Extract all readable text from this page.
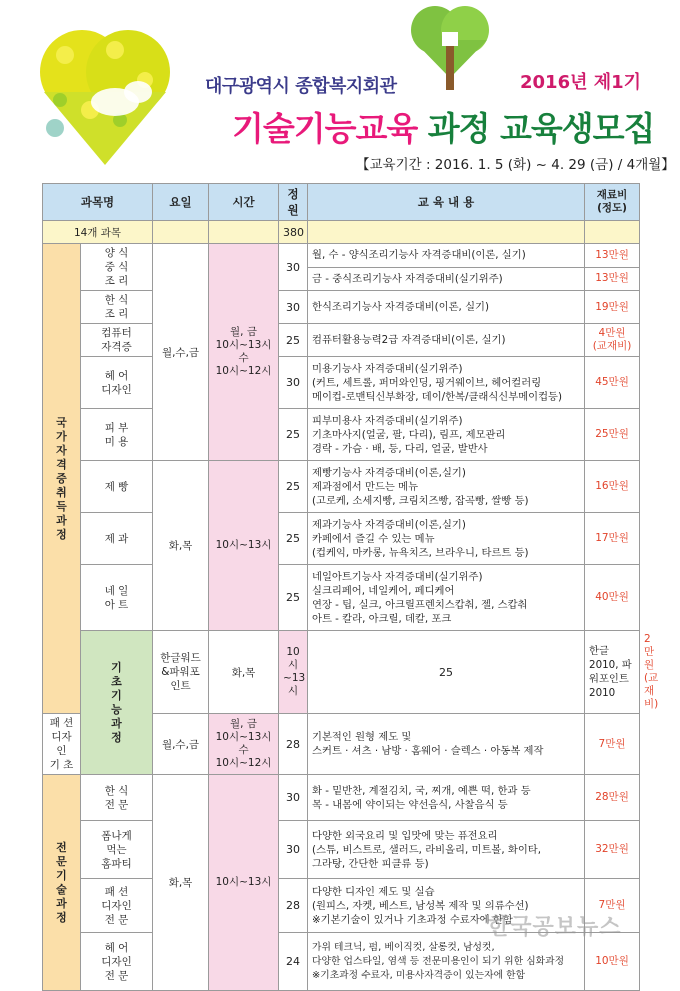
대구광역시 종합복지회관	2016년 제1기
기술기능교육 과정 교육생모집
【교육기간 : 2016. 1. 5 (화) ~ 4. 29 (금) / 4개월】
과목명		요일	시간	정원	교 육 내 용	재료비 (정도)	
14개 과목				380			
국가자격증취득과정	양 식
중 식
조 리	월,수,금	월, 금
10시~13시
수
10시~12시	30	월, 수 - 양식조리기능사 자격증대비(이론, 실기)	13만원	
					금 - 중식조리기능사 자격증대비(실기위주)	13만원	
	한 식
조 리			30	한식조리기능사 자격증대비(이론, 실기)	19만원	
	컴퓨터
자격증			25	컴퓨터활용능력2급 자격증대비(이론, 실기)	4만원
(교재비)	
	헤 어
디자인			30	미용기능사 자격증대비(실기위주)
(커트, 세트롤, 퍼머와인딩, 핑거웨이브, 헤어컬러링
메이컵-로맨틱신부화장, 데이/한복/클래식신부메이컵등)	45만원	
	피 부
미 용			25	피부미용사 자격증대비(실기위주)
기초마사지(얼굴, 팔, 다리), 림프, 제모관리
경락 - 가슴 · 배, 등, 다리, 얼굴, 발반사	25만원	
	제 빵	화,목	10시~13시	25	제빵기능사 자격증대비(이론,실기)
제과점에서 만드는 메뉴
(고로케, 소세지빵, 크림치즈빵, 잡곡빵, 쌀빵 등)	16만원	
	제 과			25	제과기능사 자격증대비(이론,실기)
카페에서 즐길 수 있는 메뉴
(컵케익, 마카롱, 뉴욕치즈, 브라우니, 타르트 등)	17만원	
	네 일
아 트			25	네일아트기능사 자격증대비(실기위주)
실크리페어, 네일케어, 페디케어
연장 - 팁, 실크, 아크릴프렌치스캅춰, 젤, 스캅춰
아트 - 칼라, 아크릴, 데칼, 포크	40만원	
	기초기능과정	한글워드
&파워포인트	화,목	10시~13시	25	한글2010, 파워포인트2010	2만원
(교재비)
패 션
디자인
기 초		월,수,금	월, 금
10시~13시
수
10시~12시	28	기본적인 원형 제도 및
스커트 · 셔츠 · 남방 · 홈웨어 · 슬렉스 · 아동복 제작	7만원	
전문기술과정	한 식
전 문	화,목	10시~13시	30	화 - 밑반찬, 계절김치, 국, 찌개, 예쁜 떡, 한과 등
목 - 내몸에 약이되는 약선음식, 사찰음식 등	28만원	
	폼나게
먹는
홈파티			30	다양한 외국요리 및 입맛에 맞는 퓨전요리
(스튜, 비스트로, 샐러드, 라비올리, 미트볼, 화이타,
그라탕, 간단한 피클류 등)	32만원	
	패 션
디자인
전 문			28	다양한 디자인 제도 및 실습
(원피스, 자켓, 베스트, 남성복 제작 및 의류수선)
※기본기술이 있거나 기초과정 수료자에 한함	7만원	
	헤 어
디자인
전 문			24	가위 테크닉, 펌, 베이직컷, 살롱컷, 남성컷,
다양한 업스타일, 염색 등 전문미용인이 되기 위한 심화과정
※기초과정 수료자, 미용사자격증이 있는자에 한함	10만원	
한국공보뉴스
